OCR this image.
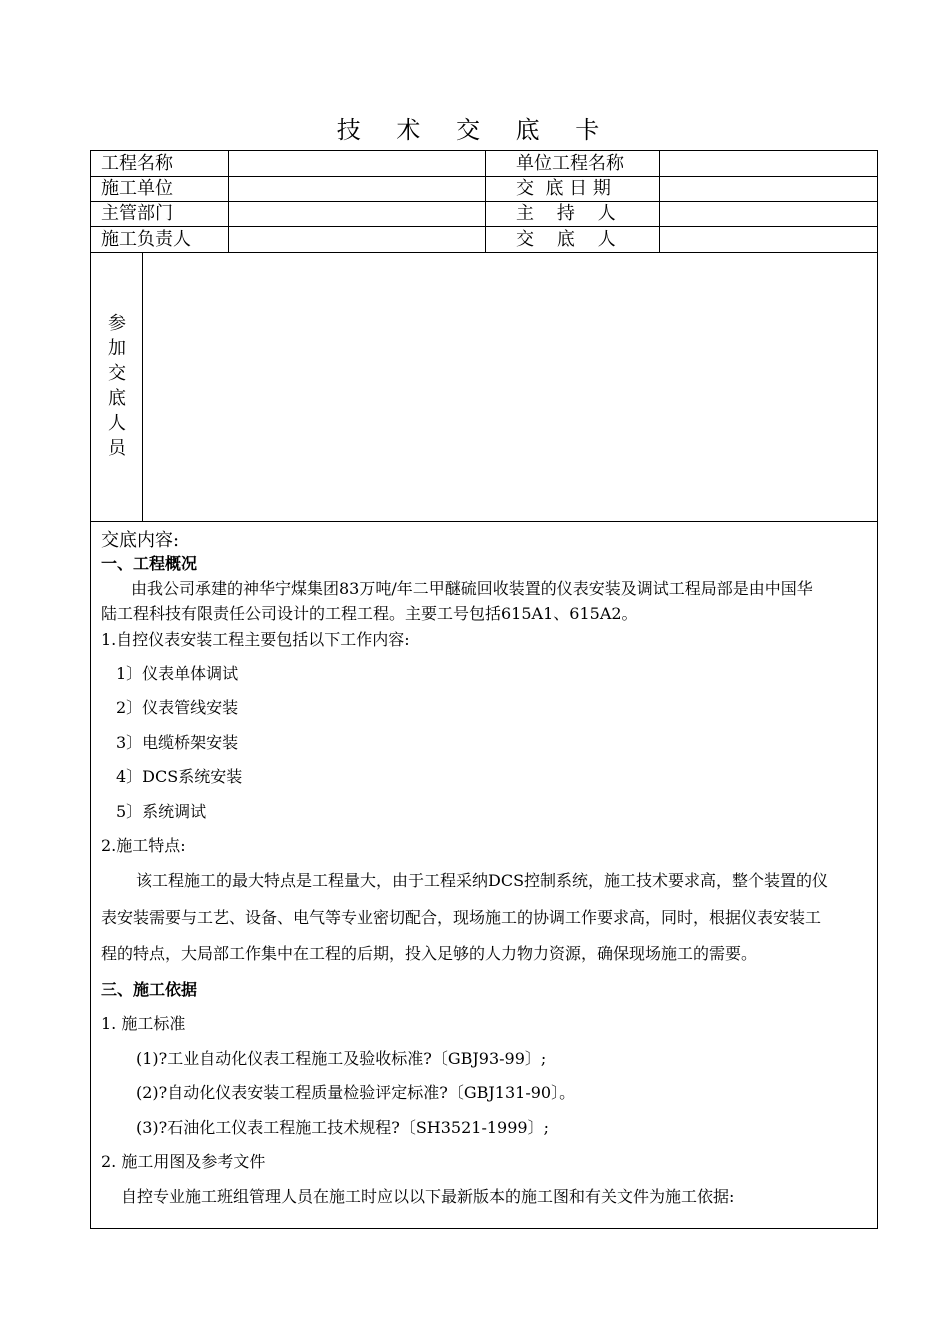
技 术 交 底 卡
工程名称
施工单位
主管部门
施工负责人
单位工程名称
交  底 日 期
主    持    人
交    底    人
参
加
交
底
人
员
交底内容:
一、工程概况
由我公司承建的神华宁煤集团83万吨/年二甲醚硫回收装置的仪表安装及调试工程局部是由中国华
陆工程科技有限责任公司设计的工程工程。主要工号包括615A1、615A2。
1.自控仪表安装工程主要包括以下工作内容:
1〕仪表单体调试
2〕仪表管线安装
3〕电缆桥架安装
4〕DCS系统安装
5〕系统调试
2.施工特点:
该工程施工的最大特点是工程量大，由于工程采纳DCS控制系统，施工技术要求高，整个装置的仪
表安装需要与工艺、设备、电气等专业密切配合，现场施工的协调工作要求高，同时，根据仪表安装工
程的特点，大局部工作集中在工程的后期，投入足够的人力物力资源，确保现场施工的需要。
三、施工依据
1. 施工标准
(1)?工业自动化仪表工程施工及验收标准?〔GBJ93-99〕;
(2)?自动化仪表安装工程质量检验评定标准?〔GBJ131-90〕。
(3)?石油化工仪表工程施工技术规程?〔SH3521-1999〕;
2. 施工用图及参考文件
自控专业施工班组管理人员在施工时应以以下最新版本的施工图和有关文件为施工依据:
